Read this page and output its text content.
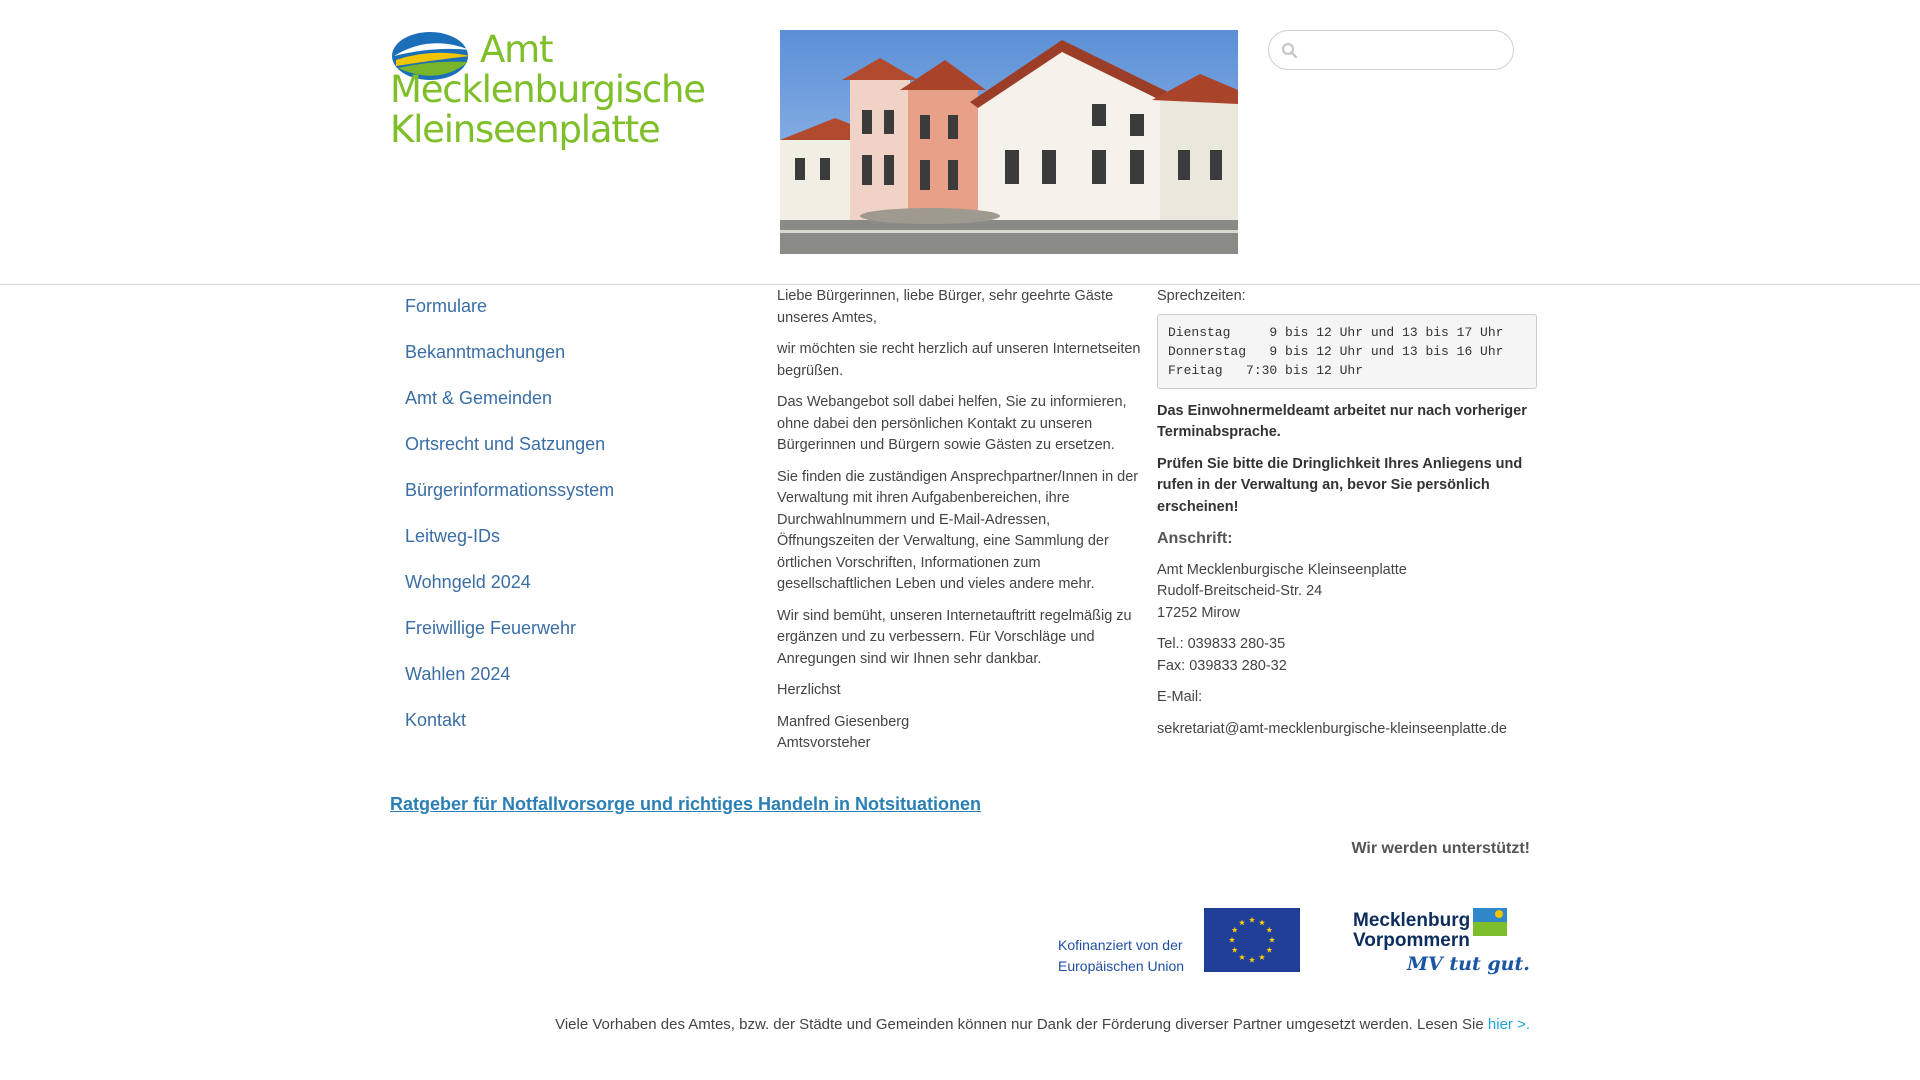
Amt
Mecklenburgische
Kleinseenplatte
Formulare
Bekanntmachungen
Amt & Gemeinden
Ortsrecht und Satzungen
Bürgerinformationssystem
Leitweg-IDs
Wohngeld 2024
Freiwillige Feuerwehr
Wahlen 2024
Kontakt

Liebe Bürgerinnen, liebe Bürger, sehr geehrte Gäste unseres Amtes,

wir möchten sie recht herzlich auf unseren Internetseiten begrüßen.

Das Webangebot soll dabei helfen, Sie zu informieren, ohne dabei den persönlichen Kontakt zu unseren Bürgerinnen und Bürgern sowie Gästen zu ersetzen.

Sie finden die zuständigen Ansprechpartner/Innen in der Verwaltung mit ihren Aufgabenbereichen, ihre Durchwahlnummern und E-Mail-Adressen, Öffnungszeiten der Verwaltung, eine Sammlung der örtlichen Vorschriften, Informationen zum gesellschaftlichen Leben und vieles andere mehr.

Wir sind bemüht, unseren Internetauftritt regelmäßig zu ergänzen und zu verbessern. Für Vorschläge und Anregungen sind wir Ihnen sehr dankbar.

Herzlichst

Manfred Giesenberg
Amtsvorsteher

Sprechzeiten:

Dienstag     9 bis 12 Uhr und 13 bis 17 Uhr
Donnerstag   9 bis 12 Uhr und 13 bis 16 Uhr
Freitag   7:30 bis 12 Uhr

Das Einwohnermeldeamt arbeitet nur nach vorheriger Terminabsprache.

Prüfen Sie bitte die Dringlichkeit Ihres Anliegens und rufen in der Verwaltung an, bevor Sie persönlich erscheinen!

Anschrift:

Amt Mecklenburgische Kleinseenplatte
Rudolf-Breitscheid-Str. 24
17252 Mirow

Tel.: 039833 280-35
Fax: 039833 280-32

E-Mail:

sekretariat@amt-mecklenburgische-kleinseenplatte.de

Ratgeber für Notfallvorsorge und richtiges Handeln in Notsituationen
Wir werden unterstützt!
Kofinanziert von der
Europäischen Union
Mecklenburg
Vorpommern
MV tut gut.
Viele Vorhaben des Amtes, bzw. der Städte und Gemeinden können nur Dank der Förderung diverser Partner umgesetzt werden. Lesen Sie hier >.
